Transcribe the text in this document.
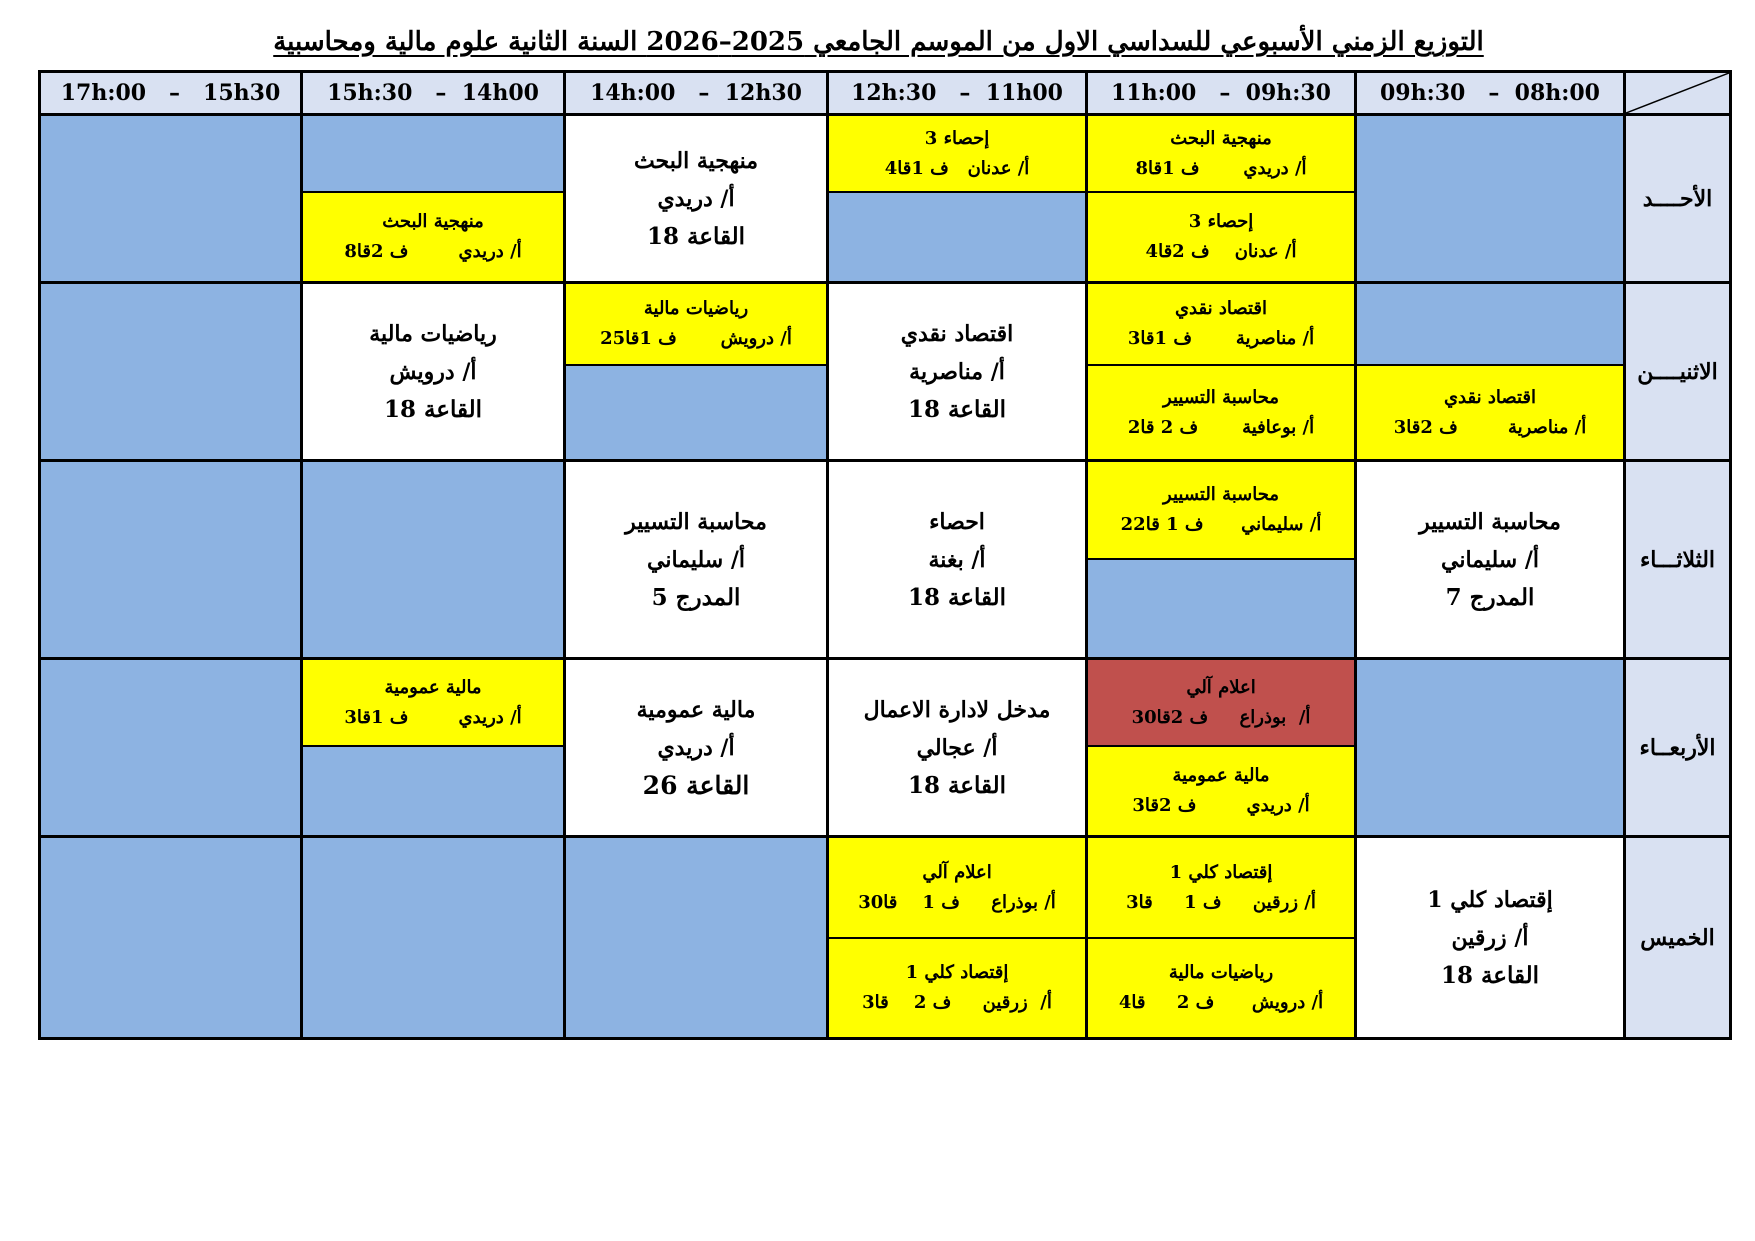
التوزيع الزمني الأسبوعي للسداسي الاول من الموسم الجامعي 2025–2026 السنة الثانية علوم مالية ومحاسبية
09h:30   –  08h:00
11h:00   –  09h:30
12h:30   –  11h00
14h:00   –  12h30
15h:30   –  14h00
17h:00   –   15h30
الأحــــد
الاثنيــــن
الثلاثـــاء
الأربعــاء
الخميس
منهجية البحث
أ/ دريدي       ف 1قا8
إحصاء 3
أ/ عدنان    ف 2قا4
إحصاء 3
أ/ عدنان   ف 1قا4
منهجية البحث
أ/ دريدي
القاعة 18
منهجية البحث
أ/ دريدي        ف 2قا8
اقتصاد نقدي
أ/ مناصرية        ف 2قا3
اقتصاد نقدي
أ/ مناصرية       ف 1قا3
محاسبة التسيير
أ/ بوعافية       ف 2 قا2
اقتصاد نقدي
أ/ مناصرية
القاعة 18
رياضيات مالية
أ/ درويش       ف 1قا25
رياضيات مالية
أ/ درويش
القاعة 18
محاسبة التسيير
أ/ سليماني
المدرج 7
محاسبة التسيير
أ/ سليماني      ف 1 قا22
احصاء
أ/ بغنة
القاعة 18
محاسبة التسيير
أ/ سليماني
المدرج 5
اعلام آلي
أ/  بوذراع     ف 2قا30
مالية عمومية
أ/ دريدي        ف 2قا3
مدخل لادارة الاعمال
أ/ عجالي
القاعة 18
مالية عمومية
أ/ دريدي
القاعة 26
مالية عمومية
أ/ دريدي        ف 1قا3
إقتصاد كلي 1
أ/ زرقين
القاعة 18
إقتصاد كلي 1
أ/ زرقين     ف 1     قا3
رياضيات مالية
أ/ درويش      ف 2     قا4
اعلام آلي
أ/ بوذراع     ف 1    قا30
إقتصاد كلي 1
أ/  زرقين     ف 2    قا3
